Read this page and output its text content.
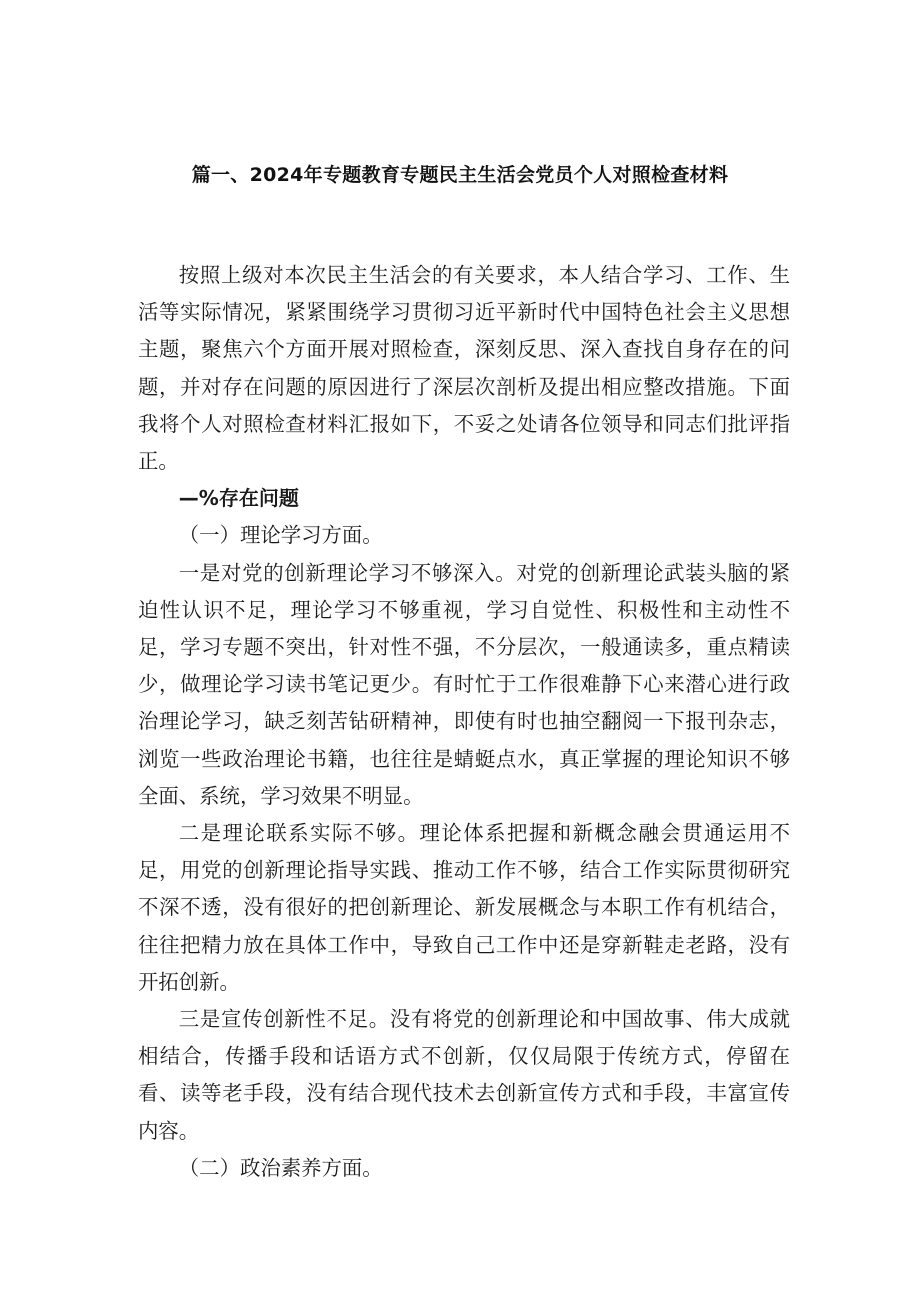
篇一、2024年专题教育专题民主生活会党员个人对照检查材料

按照上级对本次民主生活会的有关要求，本人结合学习、工作、生活等实际情况，紧紧围绕学习贯彻习近平新时代中国特色社会主义思想主题，聚焦六个方面开展对照检查，深刻反思、深入查找自身存在的问题，并对存在问题的原因进行了深层次剖析及提出相应整改措施。下面我将个人对照检查材料汇报如下，不妥之处请各位领导和同志们批评指正。

—%存在问题

（一）理论学习方面。

一是对党的创新理论学习不够深入。对党的创新理论武装头脑的紧迫性认识不足，理论学习不够重视，学习自觉性、积极性和主动性不足，学习专题不突出，针对性不强，不分层次，一般通读多，重点精读少，做理论学习读书笔记更少。有时忙于工作很难静下心来潜心进行政治理论学习，缺乏刻苦钻研精神，即使有时也抽空翻阅一下报刊杂志，浏览一些政治理论书籍，也往往是蜻蜓点水，真正掌握的理论知识不够全面、系统，学习效果不明显。

二是理论联系实际不够。理论体系把握和新概念融会贯通运用不足，用党的创新理论指导实践、推动工作不够，结合工作实际贯彻研究不深不透，没有很好的把创新理论、新发展概念与本职工作有机结合，往往把精力放在具体工作中，导致自己工作中还是穿新鞋走老路，没有开拓创新。

三是宣传创新性不足。没有将党的创新理论和中国故事、伟大成就相结合，传播手段和话语方式不创新，仅仅局限于传统方式，停留在看、读等老手段，没有结合现代技术去创新宣传方式和手段，丰富宣传内容。

（二）政治素养方面。
